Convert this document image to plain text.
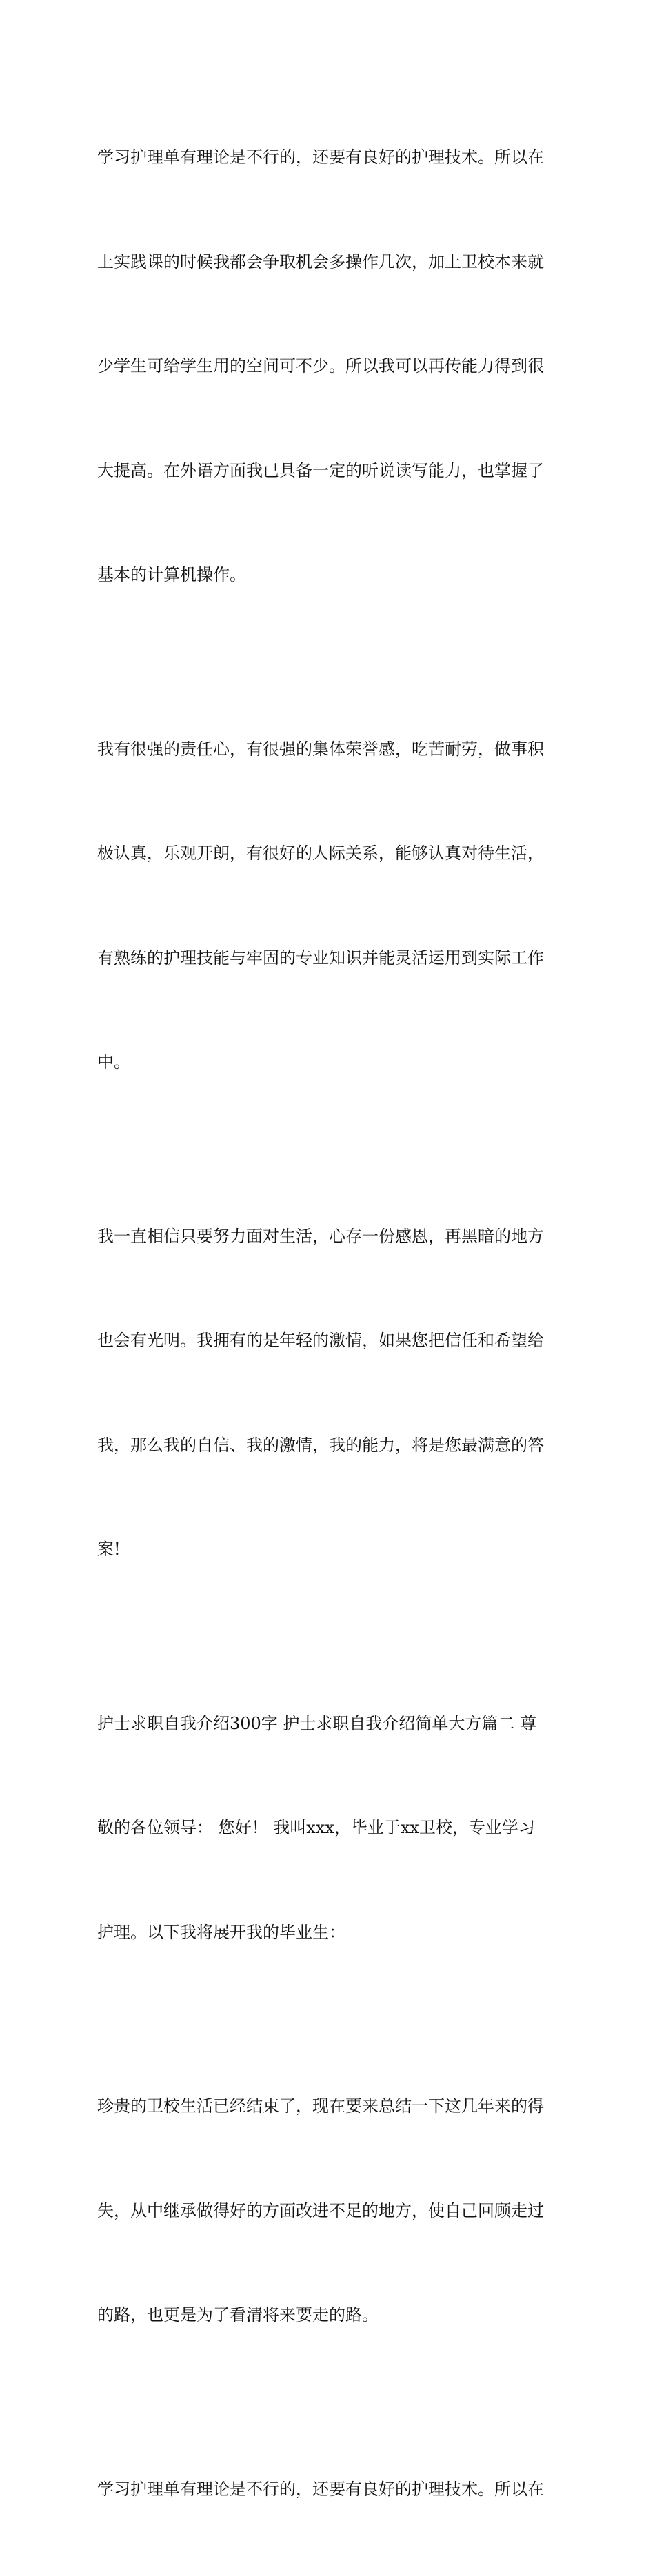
学习护理单有理论是不行的，还要有良好的护理技术。所以在

上实践课的时候我都会争取机会多操作几次，加上卫校本来就

少学生可给学生用的空间可不少。所以我可以再传能力得到很

大提高。在外语方面我已具备一定的听说读写能力，也掌握了

基本的计算机操作。

我有很强的责任心，有很强的集体荣誉感，吃苦耐劳，做事积

极认真，乐观开朗，有很好的人际关系，能够认真对待生活，

有熟练的护理技能与牢固的专业知识并能灵活运用到实际工作

中。

我一直相信只要努力面对生活，心存一份感恩，再黑暗的地方

也会有光明。我拥有的是年轻的激情，如果您把信任和希望给

我，那么我的自信、我的激情，我的能力，将是您最满意的答

案!

护士求职自我介绍300字 护士求职自我介绍简单大方篇二 尊

敬的各位领导： 您好！ 我叫xxx，毕业于xx卫校，专业学习

护理。以下我将展开我的毕业生：

珍贵的卫校生活已经结束了，现在要来总结一下这几年来的得

失，从中继承做得好的方面改进不足的地方，使自己回顾走过

的路，也更是为了看清将来要走的路。

学习护理单有理论是不行的，还要有良好的护理技术。所以在
